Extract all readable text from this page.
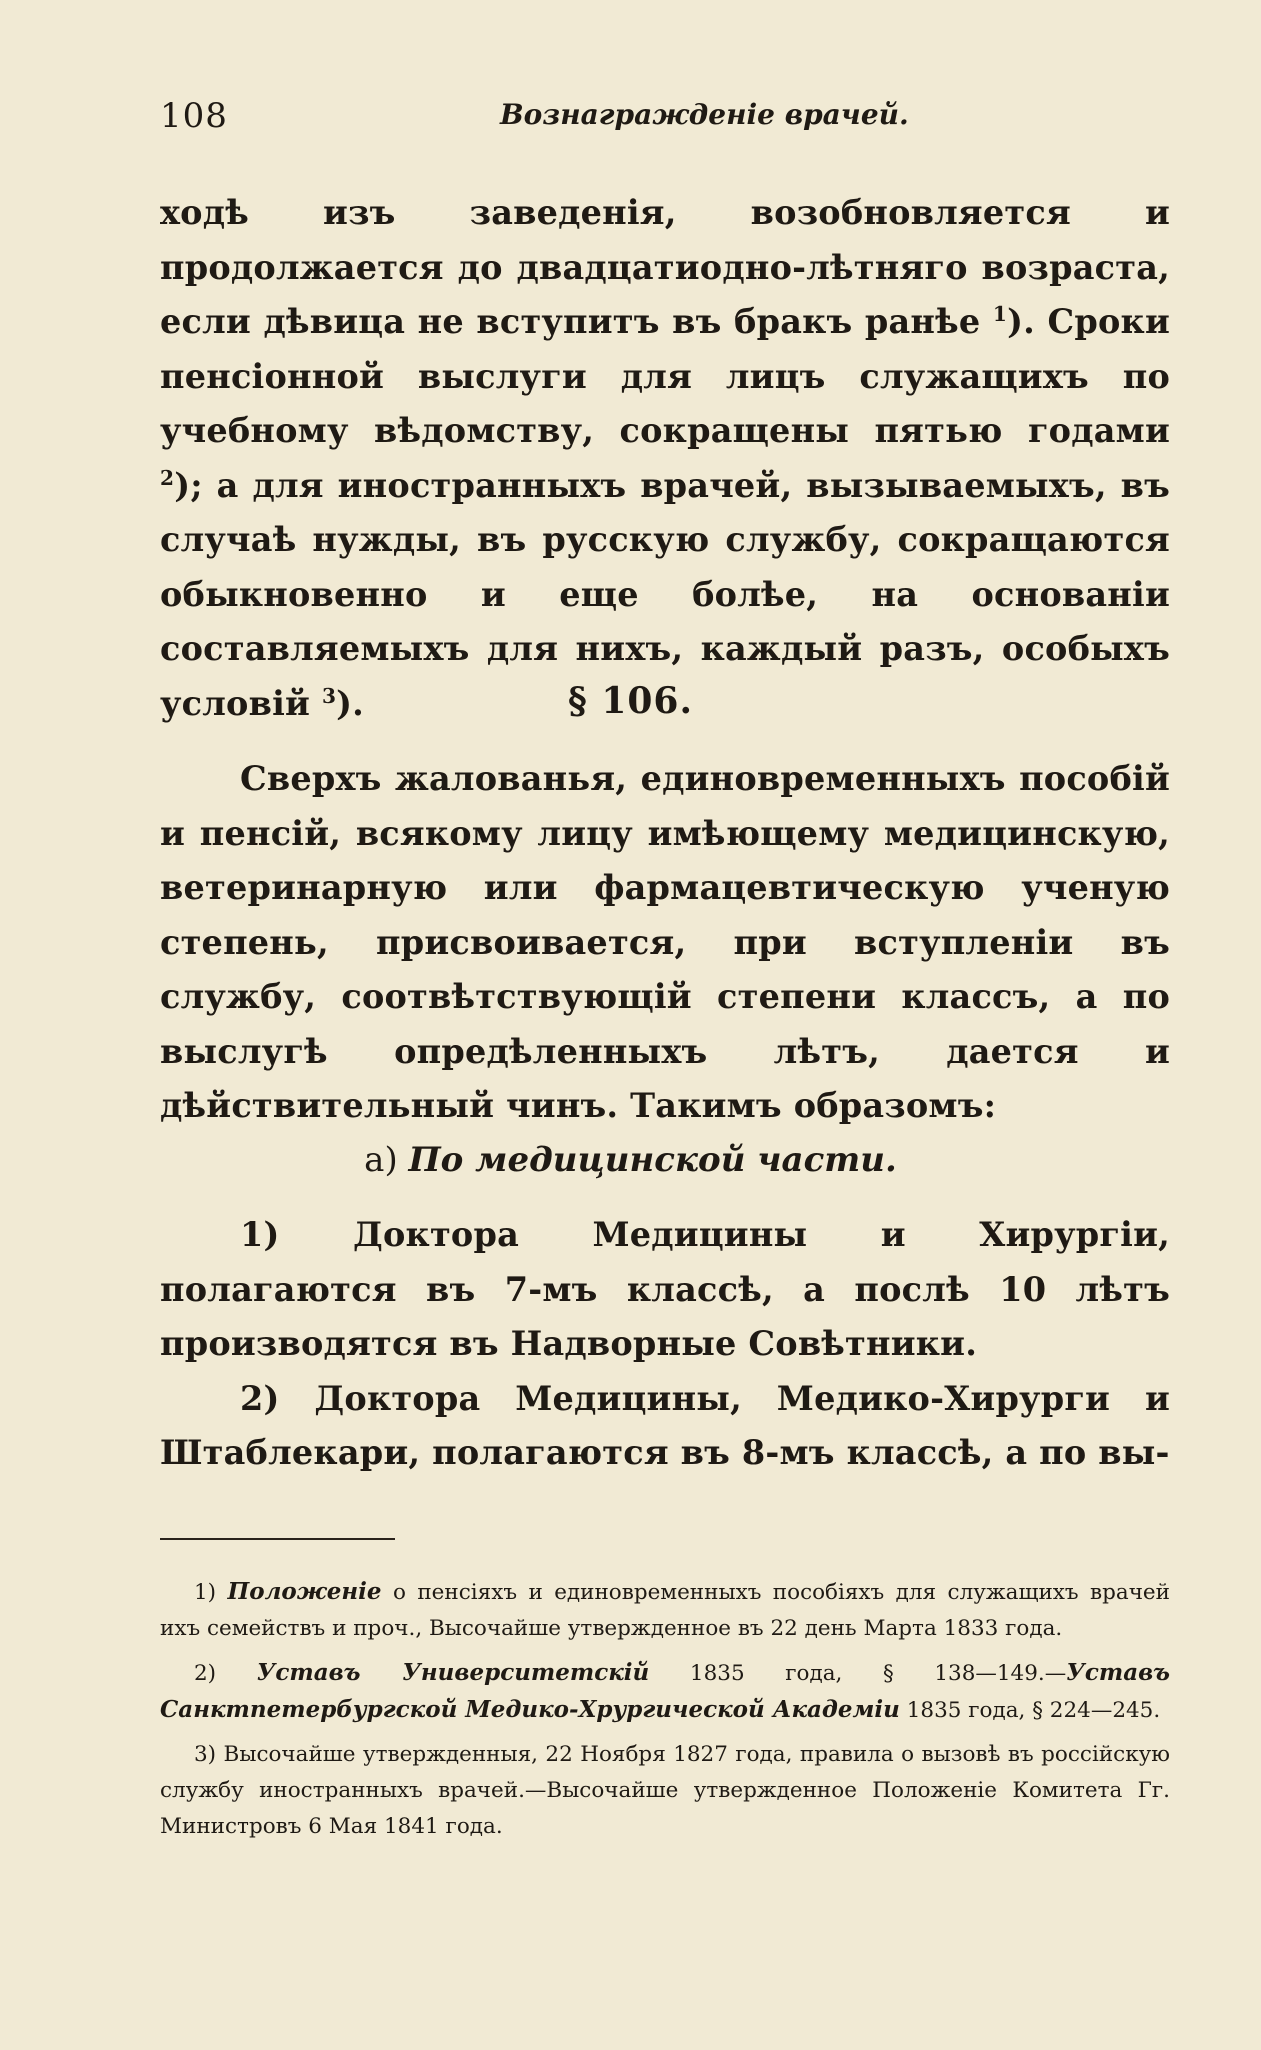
108	Вознагражденіе врачей.

ходѣ изъ заведенія, возобновляется и продолжается до двадцатиодно-лѣтняго возраста, если дѣвица не вступитъ въ бракъ ранѣе $^1$). Сроки пенсіонной выслуги для лицъ служащихъ по учебному вѣдомству, сокращены пятью годами $^2$); а для иностранныхъ врачей, вызываемыхъ, въ случаѣ нужды, въ русскую службу, сокращаются обыкновенно и еще болѣе, на основаніи составляемыхъ для нихъ, каждый разъ, особыхъ условій $^3$).	§ 106.

Сверхъ жалованья, единовременныхъ пособій и пенсій, всякому лицу имѣющему медицинскую, ветеринарную или фармацевтическую ученую степень, присвоивается, при вступленіи въ службу, соотвѣтствующій степени классъ, а по выслугѣ опредѣленныхъ лѣтъ, дается и дѣйствительный чинъ. Такимъ образомъ:

а) По медицинской части.

1) Доктора Медицины и Хирургіи, полагаются въ 7-мъ классѣ, а послѣ 10 лѣтъ производятся въ Надворные Совѣтники.

2) Доктора Медицины, Медико-Хирурги и Штаблекари, полагаются въ 8-мъ классѣ, а по вы-

1) Положеніе о пенсіяхъ и единовременныхъ пособіяхъ для служащихъ врачей ихъ семействъ и проч., Высочайше утвержденное въ 22 день Марта 1833 года.

2) Уставъ Университетскій 1835 года, § 138—149.—Уставъ Санктпетербургской Медико-Хрургической Академіи 1835 года, § 224—245.

3) Высочайше утвержденныя, 22 Ноября 1827 года, правила о вызовѣ въ россійскую службу иностранныхъ врачей.—Высочайше утвержденное Положеніе Комитета Гг. Министровъ 6 Мая 1841 года.
